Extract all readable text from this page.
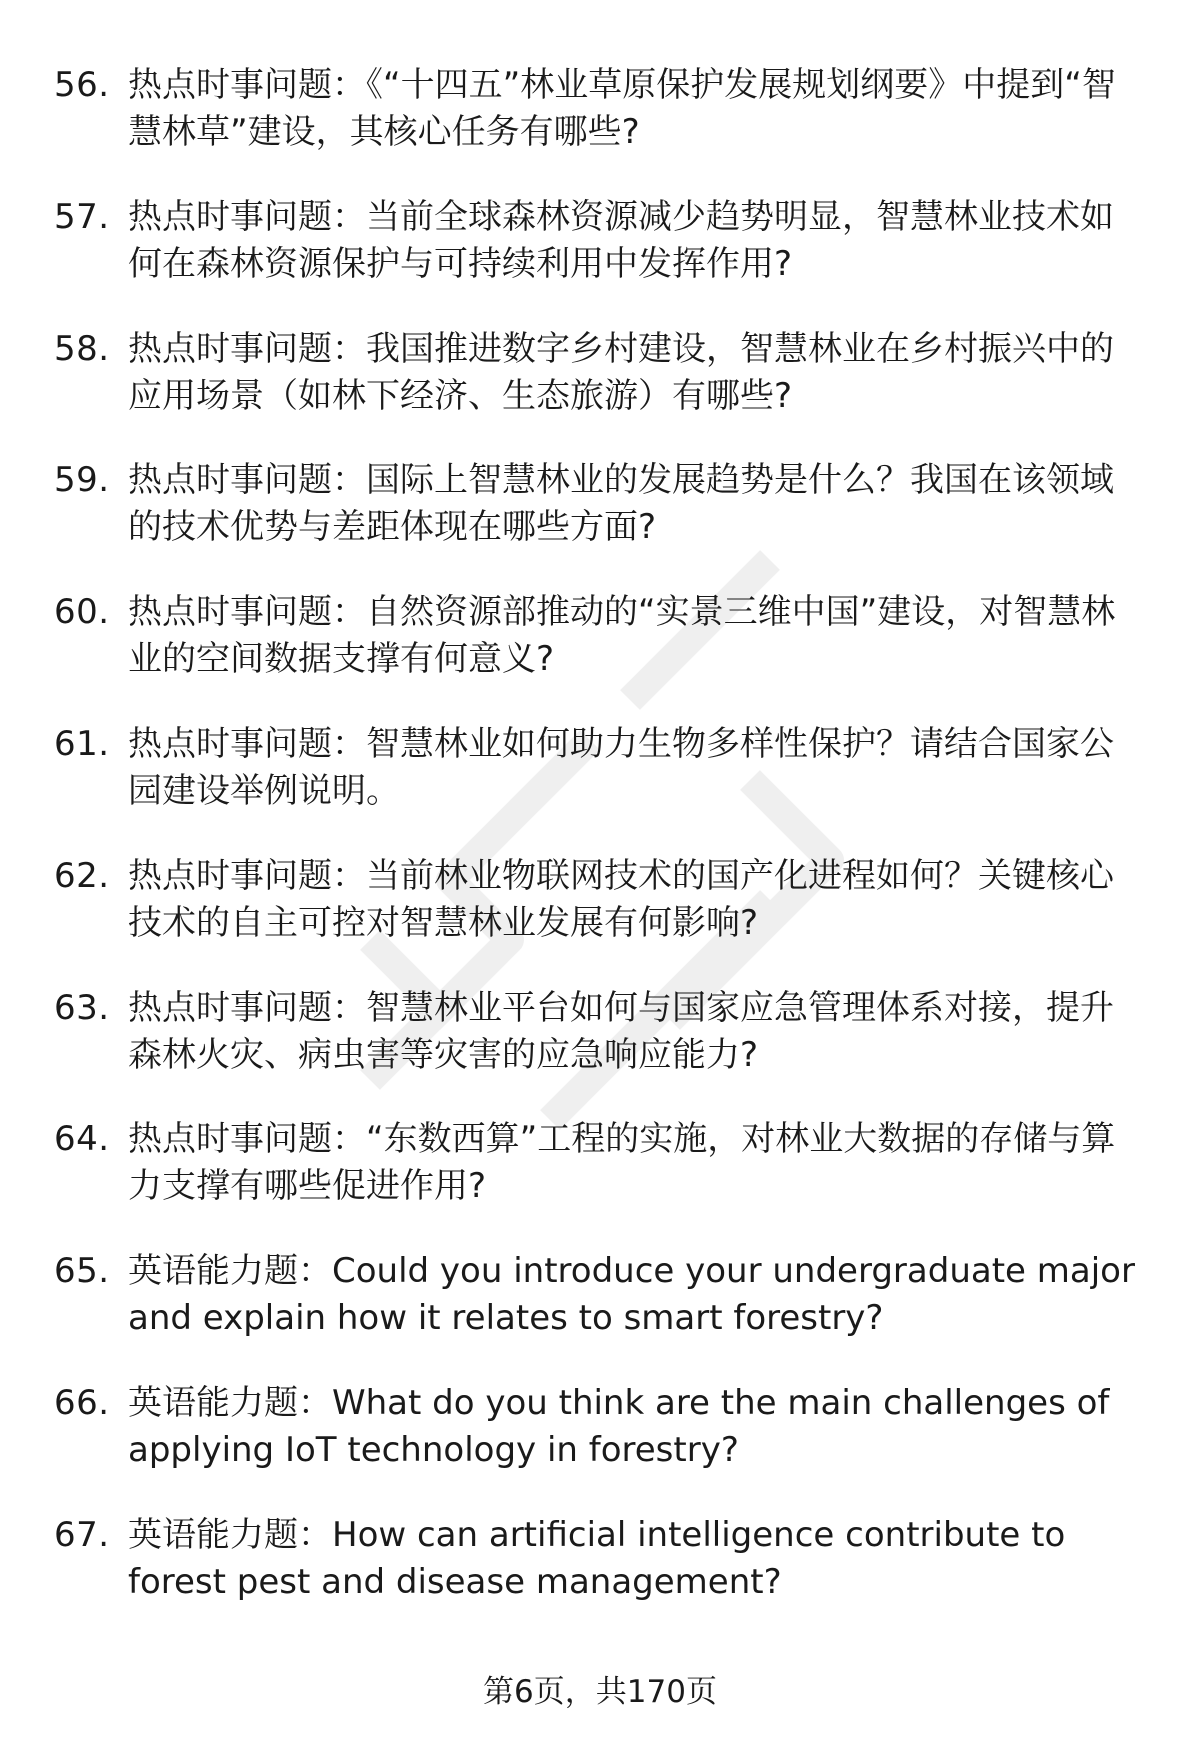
56. 热点时事问题：《“十四五”林业草原保护发展规划纲要》中提到“智慧林草”建设，其核心任务有哪些?
57. 热点时事问题：当前全球森林资源减少趋势明显，智慧林业技术如何在森林资源保护与可持续利用中发挥作用?
58. 热点时事问题：我国推进数字乡村建设，智慧林业在乡村振兴中的应用场景（如林下经济、生态旅游）有哪些?
59. 热点时事问题：国际上智慧林业的发展趋势是什么？我国在该领域的技术优势与差距体现在哪些方面?
60. 热点时事问题：自然资源部推动的“实景三维中国”建设，对智慧林业的空间数据支撑有何意义?
61. 热点时事问题：智慧林业如何助力生物多样性保护？请结合国家公园建设举例说明。
62. 热点时事问题：当前林业物联网技术的国产化进程如何？关键核心技术的自主可控对智慧林业发展有何影响?
63. 热点时事问题：智慧林业平台如何与国家应急管理体系对接，提升森林火灾、病虫害等灾害的应急响应能力?
64. 热点时事问题：“东数西算”工程的实施，对林业大数据的存储与算力支撑有哪些促进作用?
65. 英语能力题：Could you introduce your undergraduate major and explain how it relates to smart forestry?
66. 英语能力题：What do you think are the main challenges of applying IoT technology in forestry?
67. 英语能力题：How can artificial intelligence contribute to forest pest and disease management?
第6页，共170页
